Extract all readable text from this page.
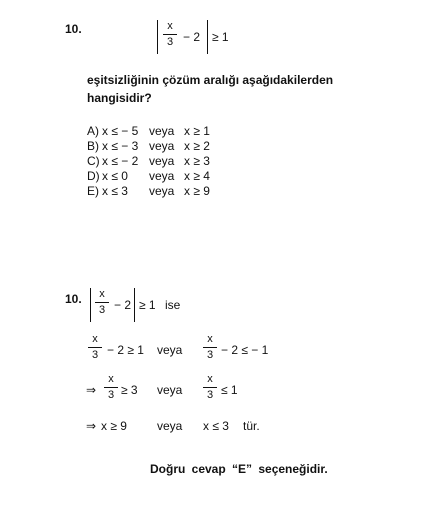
10.	x
3 − 2 ≥ 1
eşitsizliğinin çözüm aralığı aşağıdakilerden
hangisidir?
A) x ≤ − 5 veya x ≥ 1
B) x ≤ − 3 veya x ≥ 2
C) x ≤ − 2 veya x ≥ 3
D) x ≤ 0 veya x ≥ 4
E) x ≤ 3 veya x ≥ 9
10.	x
3 − 2 ≥ 1 ise
x
3 − 2 ≥ 1 veya
x
3 − 2 ≤ − 1
⇒
x
3 ≥ 3 veya
x
3 ≤ 1
⇒ x ≥ 9	veya x ≤ 3 tür.
Doğru cevap “E” seçeneğidir.
